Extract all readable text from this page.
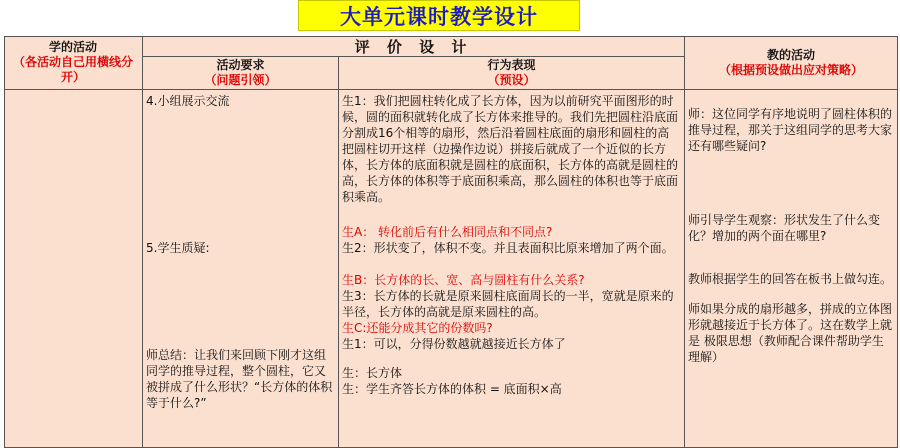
大单元课时教学设计
学的活动
（各活动自己用横线分开）
评 价 设 计
活动要求
（问题引领）
行为表现
（预设）
教的活动
（根据预设做出应对策略）
4.小组展示交流
5.学生质疑:
师总结：让我们来回顾下刚才这组同学的推导过程，整个圆柱，它又被拼成了什么形状？“长方体的体积等于什么?”
生1：我们把圆柱转化成了长方体，因为以前研究平面图形的时候，圆的面积就转化成了长方体来推导的。我们先把圆柱沿底面分割成16个相等的扇形，然后沿着圆柱底面的扇形和圆柱的高把圆柱切开这样（边操作边说）拼接后就成了一个近似的长方体，长方体的底面积就是圆柱的底面积，长方体的高就是圆柱的高，长方体的体积等于底面积乘高，那么圆柱的体积也等于底面积乘高。
生A： 转化前后有什么相同点和不同点?
生2：形状变了，体积不变。并且表面积比原来增加了两个面。
生B：长方体的长、宽、高与圆柱有什么关系?
生3：长方体的长就是原来圆柱底面周长的一半，宽就是原来的半径，长方体的高就是原来圆柱的高。
生C:还能分成其它的份数吗?
生1：可以，分得份数越就越接近长方体了
生：长方体
生：学生齐答长方体的体积 = 底面积×高
师：这位同学有序地说明了圆柱体积的推导过程，那关于这组同学的思考大家还有哪些疑问?
师引导学生观察：形状发生了什么变化？增加的两个面在哪里?
教师根据学生的回答在板书上做勾连。
师如果分成的扇形越多，拼成的立体图形就越接近于长方体了。这在数学上就是 极限思想（教师配合课件帮助学生理解）
